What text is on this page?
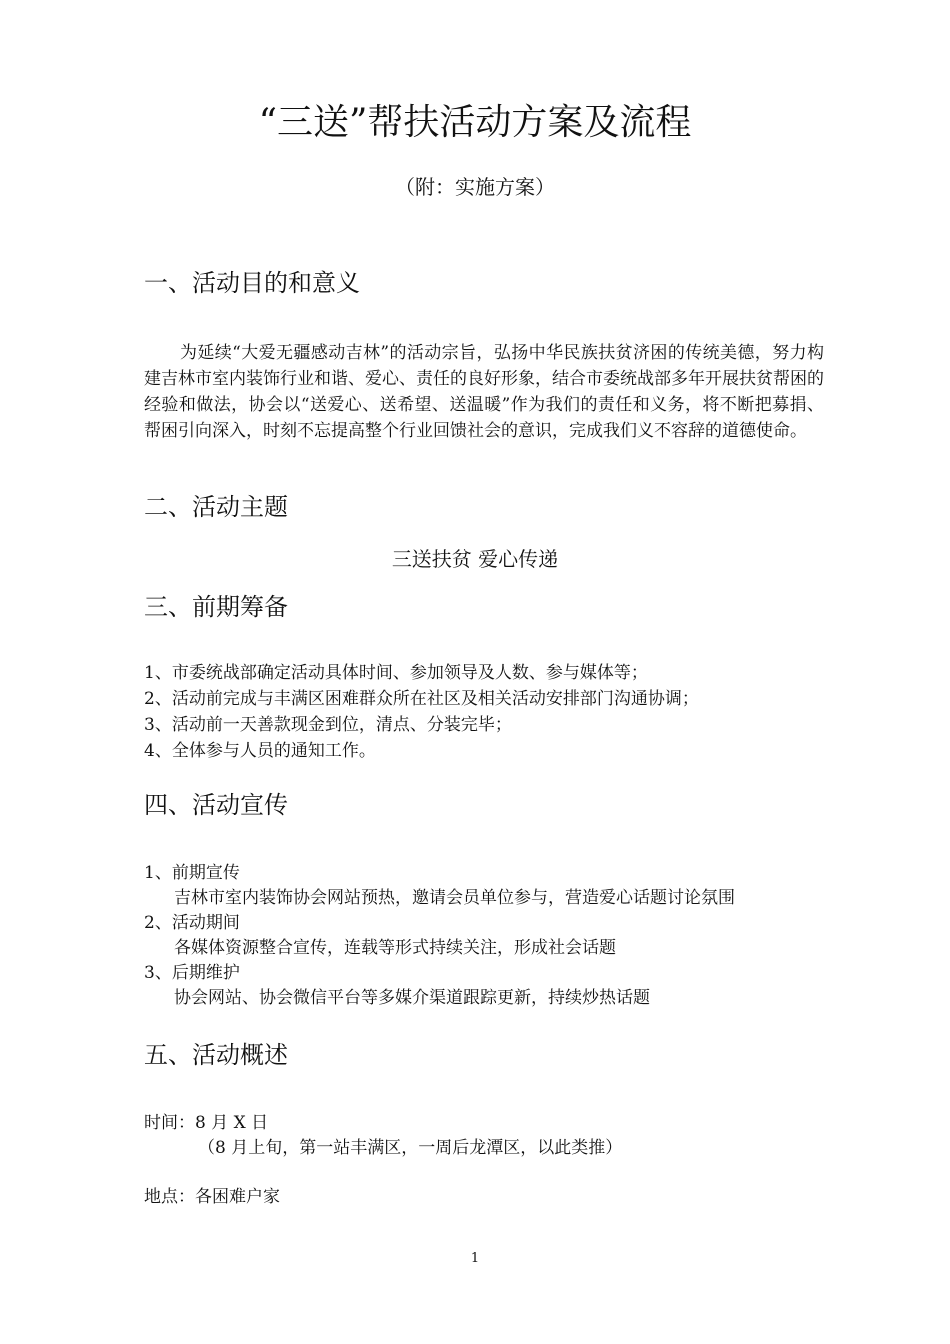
“三送”帮扶活动方案及流程
（附：实施方案）
一、活动目的和意义
为延续“大爱无疆感动吉林”的活动宗旨，弘扬中华民族扶贫济困的传统美德，努力构建吉林市室内装饰行业和谐、爱心、责任的良好形象，结合市委统战部多年开展扶贫帮困的经验和做法，协会以“送爱心、送希望、送温暖”作为我们的责任和义务，将不断把募捐、帮困引向深入，时刻不忘提高整个行业回馈社会的意识，完成我们义不容辞的道德使命。
二、活动主题
三送扶贫 爱心传递
三、前期筹备
1、市委统战部确定活动具体时间、参加领导及人数、参与媒体等；
2、活动前完成与丰满区困难群众所在社区及相关活动安排部门沟通协调；
3、活动前一天善款现金到位，清点、分装完毕；
4、全体参与人员的通知工作。
四、活动宣传
1、前期宣传
吉林市室内装饰协会网站预热，邀请会员单位参与，营造爱心话题讨论氛围
2、活动期间
各媒体资源整合宣传，连载等形式持续关注，形成社会话题
3、后期维护
协会网站、协会微信平台等多媒介渠道跟踪更新，持续炒热话题
五、活动概述
时间：8 月 X 日
（8 月上旬，第一站丰满区，一周后龙潭区，以此类推）
地点：各困难户家
1
